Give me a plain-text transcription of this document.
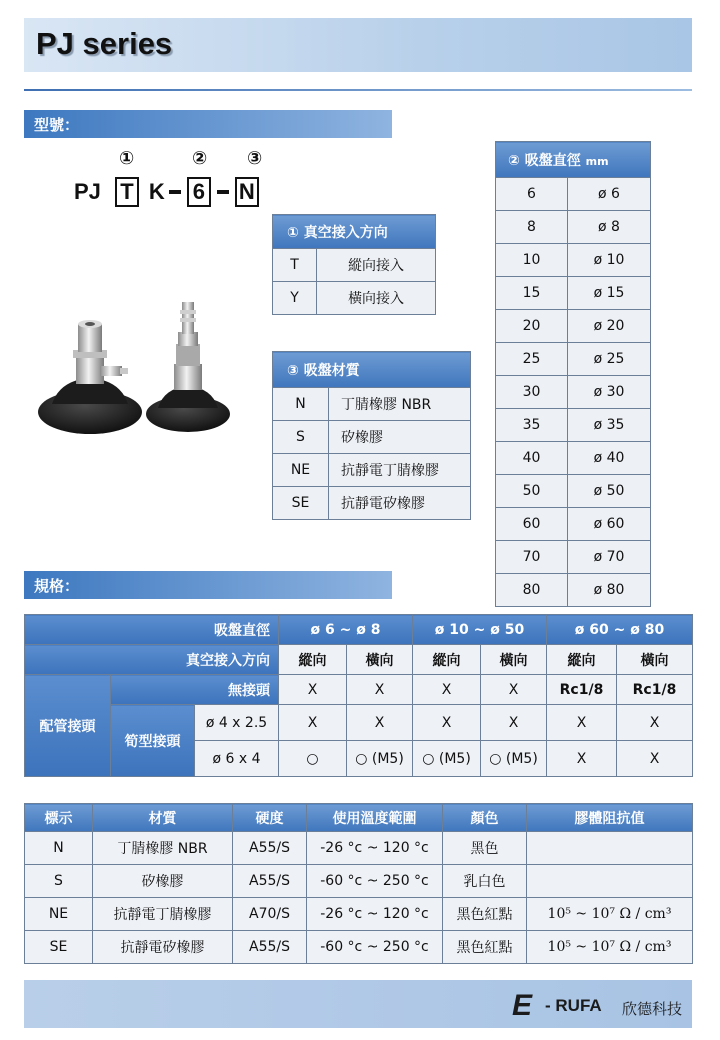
PJ series
型號：
①	② ③
PJ T K 6 N
① 真空接入方向	
T	縱向接入
Y	橫向接入
③ 吸盤材質	
N	丁腈橡膠 NBR
S	矽橡膠
NE	抗靜電丁腈橡膠
SE	抗靜電矽橡膠
② 吸盤直徑 mm	
6	ø 6
8	ø 8
10	ø 10
15	ø 15
20	ø 20
25	ø 25
30	ø 30
35	ø 35
40	ø 40
50	ø 50
60	ø 60
70	ø 70
80	ø 80
規格：
吸盤直徑			ø 6 ~ ø 8		ø 10 ~ ø 50		ø 60 ~ ø 80	
真空接入方向			縱向	橫向	縱向	橫向	縱向	橫向
配管接頭	無接頭		X	X	X	X	Rc1/8	Rc1/8
	筍型接頭	ø 4 x 2.5	X	X	X	X	X	X
		ø 6 x 4	○	○ (M5)	○ (M5)	○ (M5)	X	X
標示	材質	硬度	使用溫度範圍	顏色	膠體阻抗值
N	丁腈橡膠 NBR	A55/S	-26 °c ~ 120 °c	黑色	
S	矽橡膠	A55/S	-60 °c ~ 250 °c	乳白色	
NE	抗靜電丁腈橡膠	A70/S	-26 °c ~ 120 °c	黑色紅點	10⁵ ~ 10⁷ Ω / cm³
SE	抗靜電矽橡膠	A55/S	-60 °c ~ 250 °c	黑色紅點	10⁵ ~ 10⁷ Ω / cm³
E - RUFA 欣德科技
